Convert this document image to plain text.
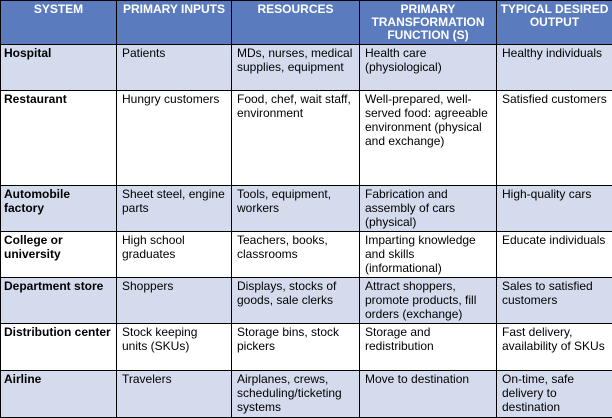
SYSTEM	PRIMARY INPUTS	RESOURCES	PRIMARY TRANSFORMATION FUNCTION (S)	TYPICAL DESIRED OUTPUT
Hospital	Patients	MDs, nurses, medical supplies, equipment	Health care (physiological)	Healthy individuals
Restaurant	Hungry customers	Food, chef, wait staff, environment	Well-prepared, well-served food: agreeable environment (physical and exchange)	Satisfied customers
Automobile factory	Sheet steel, engine parts	Tools, equipment, workers	Fabrication and assembly of cars (physical)	High-quality cars
College or university	High school graduates	Teachers, books, classrooms	Imparting knowledge and skills (informational)	Educate individuals
Department store	Shoppers	Displays, stocks of goods, sale clerks	Attract shoppers, promote products, fill orders (exchange)	Sales to satisfied customers
Distribution center	Stock keeping units (SKUs)	Storage bins, stock pickers	Storage and redistribution	Fast delivery, availability of SKUs
Airline	Travelers	Airplanes, crews, scheduling/ticketing systems	Move to destination	On-time, safe delivery to destination
